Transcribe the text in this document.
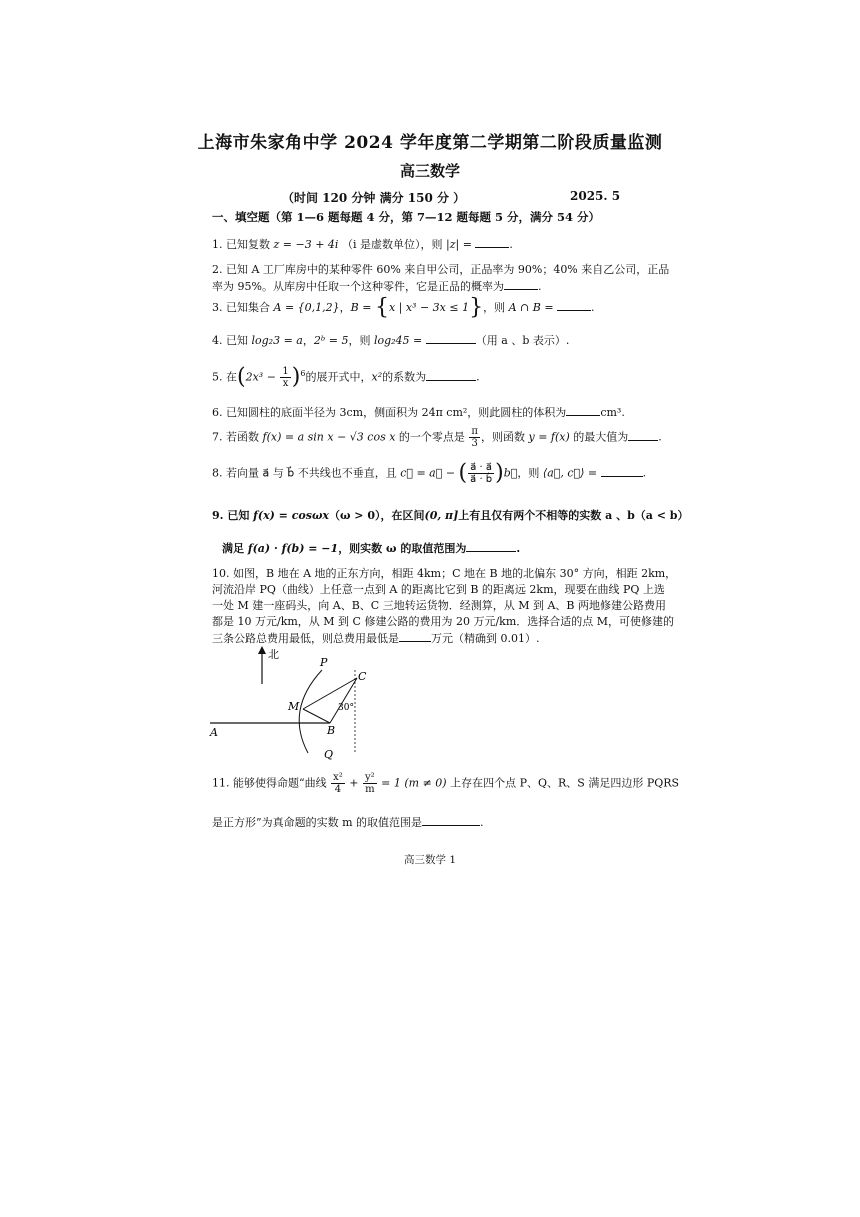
上海市朱家角中学 2024 学年度第二学期第二阶段质量监测
高三数学
（时间 120 分钟 满分 150 分 ）	2025. 5
一、填空题（第 1—6 题每题 4 分，第 7—12 题每题 5 分，满分 54 分）
1. 已知复数 z = −3 + 4i （i 是虚数单位），则 |z| =	.
2. 已知 A 工厂库房中的某种零件 60% 来自甲公司，正品率为 90%；40% 来自乙公司，正品
率为 95%。从库房中任取一个这种零件，它是正品的概率为	.
3. 已知集合 A = {0,1,2}，B = {x | x³ − 3x ≤ 1}，则 A ∩ B =	.
4. 已知 log₂3 = a，2ᵇ = 5，则 log₂45 =	（用 a 、b 表示）.
5. 在$(2x^3 - \frac{1}{x} )^6$的展开式中，x²的系数为	.
6. 已知圆柱的底面半径为 3cm，侧面积为 24π cm²，则此圆柱的体积为	cm³.
7. 若函数 f(x) = a sin x − √3 cos x 的一个零点是 $\frac{\pi}{3}$ ，则函数 y = f(x) 的最大值为	.
8. 若向量 a⃗ 与 b⃗ 不共线也不垂直，且 c⃗ = a⃗ − ( $\frac{a⃗ \cdot a⃗}{a⃗ \cdot b⃗}$ )b⃗，则 ⟨a⃗, c⃗⟩ =	.
9. 已知 f(x) = cosωx（ω > 0），在区间(0, π]上有且仅有两个不相等的实数 a 、b（a < b）
满足 f(a) · f(b) = −1，则实数 ω 的取值范围为	.
10. 如图，B 地在 A 地的正东方向，相距 4km；C 地在 B 地的北偏东 30° 方向，相距 2km，
河流沿岸 PQ（曲线）上任意一点到 A 的距离比它到 B 的距离远 2km，现要在曲线 PQ 上选
一处 M 建一座码头，向 A、B、C 三地转运货物．经测算，从 M 到 A、B 两地修建公路费用
都是 10 万元/km，从 M 到 C 修建公路的费用为 20 万元/km．选择合适的点 M，可使修建的
三条公路总费用最低，则总费用最低是	万元（精确到 0.01）.
北
P
C
M	30°
A	B
Q
11. 能够使得命题“曲线 $\frac{\text{x²}}{4} + \frac{\text{y²}}{m} = 1$ (m ≠ 0) 上存在四个点 P、Q、R、S 满足四边形 PQRS
是正方形”为真命题的实数 m 的取值范围是	.
高三数学 1
